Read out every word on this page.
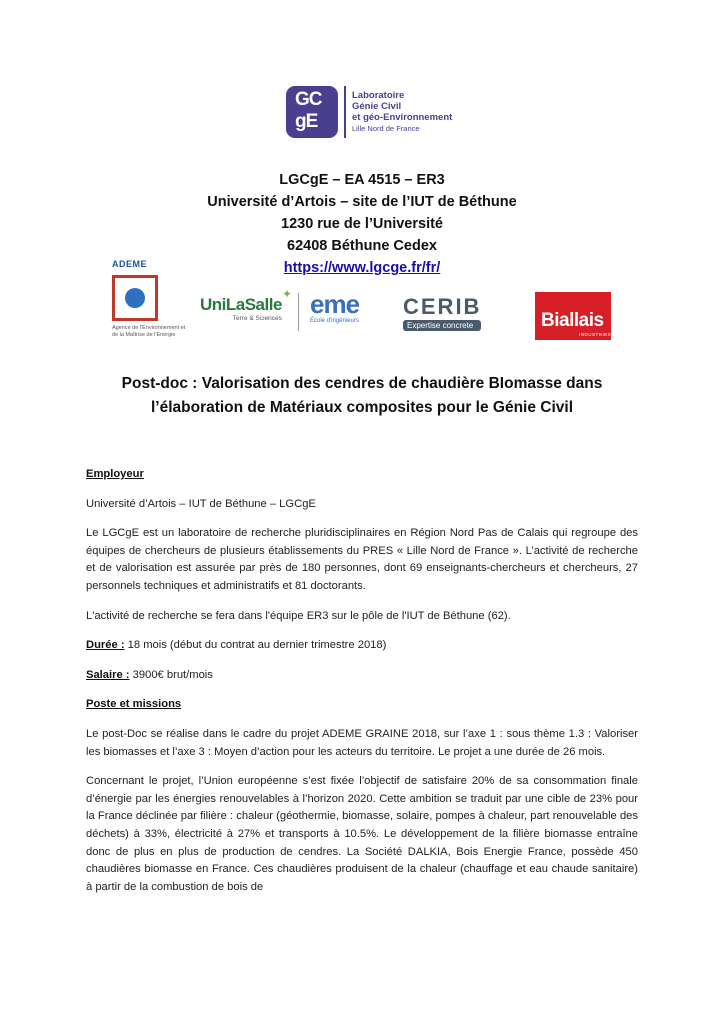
GC
gE
Laboratoire
Génie Civil
et géo-Environnement
Lille Nord de France
LGCgE – EA 4515 – ER3
Université d’Artois – site de l’IUT de Béthune
1230 rue de l’Université
62408 Béthune Cedex
https://www.lgcge.fr/fr/
ADEME
Agence de l'Environnement et de la Maîtrise de l'Energie
✦
UniLaSalle
Terre & Sciences eme
École d'ingénieurs
CERIB
Expertise concrete	Biallais
INDUSTRIES
Post-doc : Valorisation des cendres de chaudière BIomasse dans
l’élaboration de Matériaux composites pour le Génie Civil

Employeur

Université d’Artois – IUT de Béthune – LGCgE

Le LGCgE est un laboratoire de recherche pluridisciplinaires en Région Nord Pas de Calais qui regroupe des équipes de chercheurs de plusieurs établissements du PRES « Lille Nord de France ». L’activité de recherche et de valorisation est assurée par près de 180 personnes, dont 69 enseignants-chercheurs et chercheurs, 27 personnels techniques et administratifs et 81 doctorants.

L'activité de recherche se fera dans l'équipe ER3 sur le pôle de l'IUT de Béthune (62).

Durée : 18 mois (début du contrat au dernier trimestre 2018)

Salaire : 3900€ brut/mois

Poste et missions

Le post-Doc se réalise dans le cadre du projet ADEME GRAINE 2018, sur l’axe 1 : sous thème 1.3 : Valoriser les biomasses et l’axe 3 : Moyen d’action pour les acteurs du territoire. Le projet a une durée de 26 mois.

Concernant le projet, l’Union européenne s’est fixée l’objectif de satisfaire 20% de sa consommation finale d’énergie par les énergies renouvelables à l’horizon 2020. Cette ambition se traduit par une cible de 23% pour la France déclinée par filière : chaleur (géothermie, biomasse, solaire, pompes à chaleur, part renouvelable des déchets) à 33%, électricité à 27% et transports à 10.5%. Le développement de la filière biomasse entraîne donc de plus en plus de production de cendres. La Société DALKIA, Bois Energie France, possède 450 chaudières biomasse en France. Ces chaudières produisent de la chaleur (chauffage et eau chaude sanitaire) à partir de la combustion de bois de
